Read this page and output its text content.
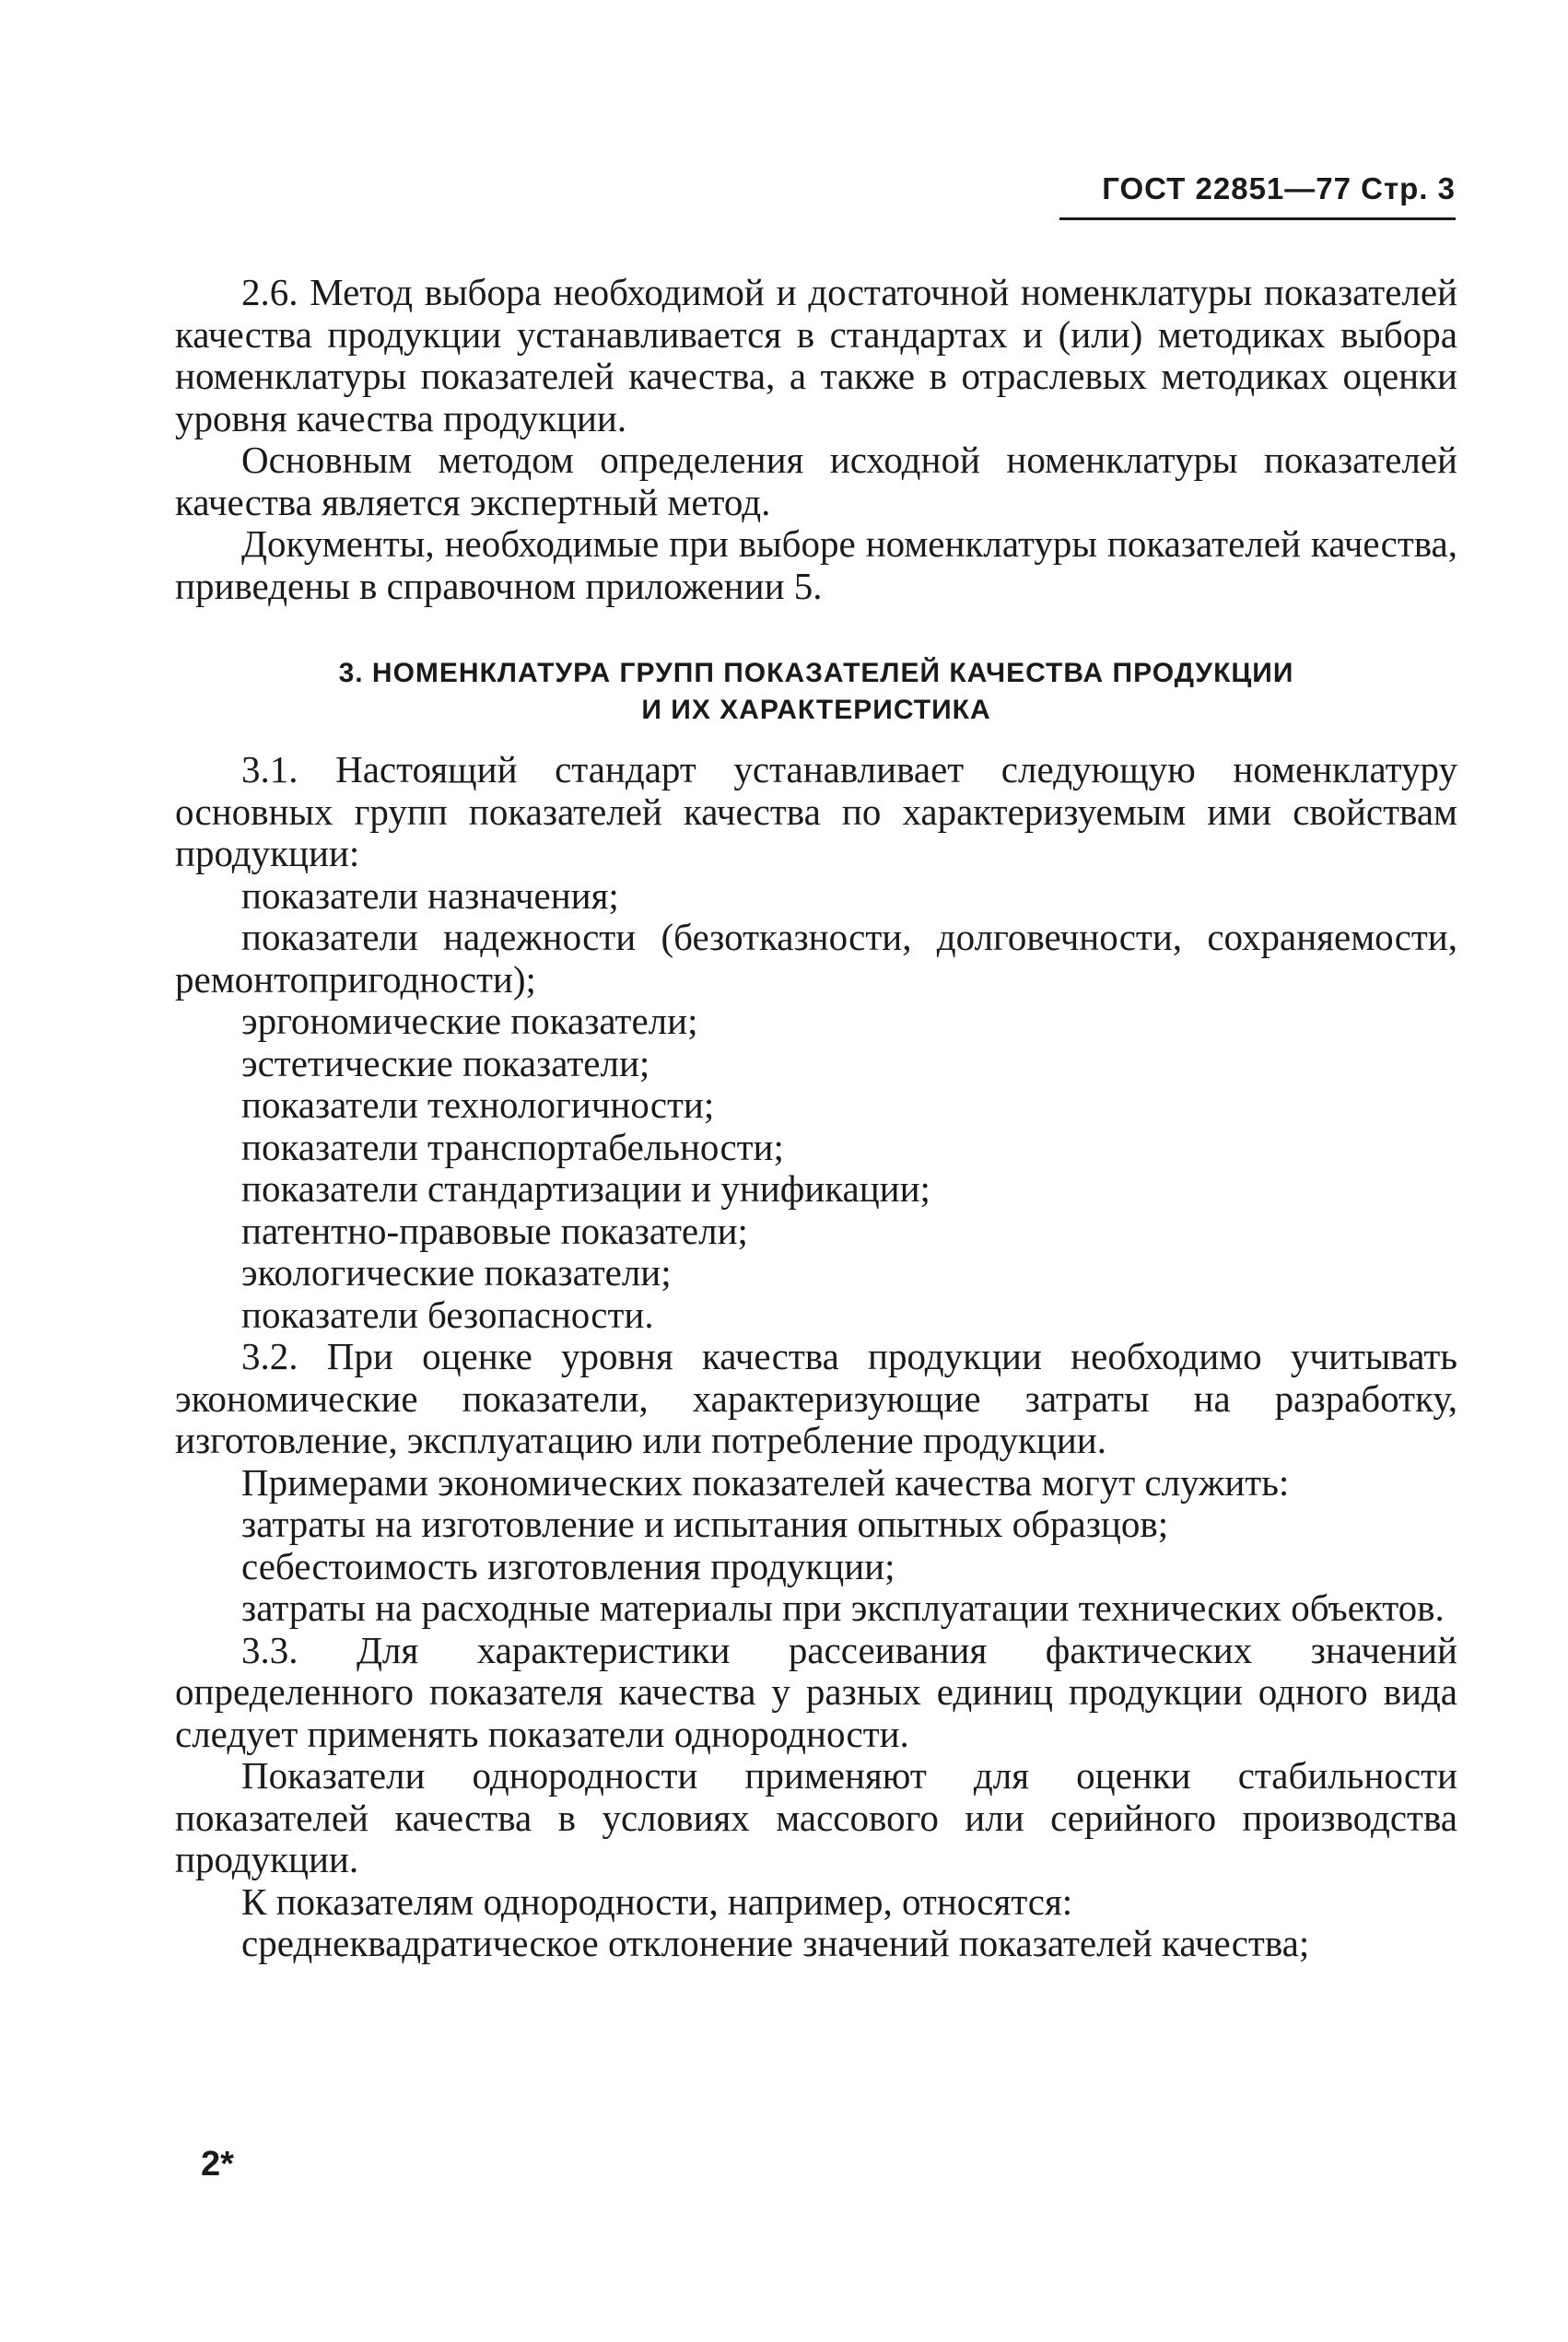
ГОСТ 22851—77 Стр. 3

2.6. Метод выбора необходимой и достаточной номенклатуры показателей качества продукции устанавливается в стандартах и (или) методиках выбора номенклатуры показателей качества, а также в отраслевых методиках оценки уровня качества продукции.

Основным методом определения исходной номенклатуры показателей качества является экспертный метод.

Документы, необходимые при выборе номенклатуры показателей качества, приведены в справочном приложении 5.

3. НОМЕНКЛАТУРА ГРУПП ПОКАЗАТЕЛЕЙ КАЧЕСТВА ПРОДУКЦИИ
И ИХ ХАРАКТЕРИСТИКА

3.1. Настоящий стандарт устанавливает следующую номенклатуру основных групп показателей качества по характеризуемым ими свойствам продукции:

показатели назначения;

показатели надежности (безотказности, долговечности, сохраняемости, ремонтопригодности);

эргономические показатели;

эстетические показатели;

показатели технологичности;

показатели транспортабельности;

показатели стандартизации и унификации;

патентно-правовые показатели;

экологические показатели;

показатели безопасности.

3.2. При оценке уровня качества продукции необходимо учитывать экономические показатели, характеризующие затраты на разработку, изготовление, эксплуатацию или потребление продукции.

Примерами экономических показателей качества могут служить:

затраты на изготовление и испытания опытных образцов;

себестоимость изготовления продукции;

затраты на расходные материалы при эксплуатации технических объектов.

3.3. Для характеристики рассеивания фактических значений определенного показателя качества у разных единиц продукции одного вида следует применять показатели однородности.

Показатели однородности применяют для оценки стабильности показателей качества в условиях массового или серийного производства продукции.

К показателям однородности, например, относятся:

среднеквадратическое отклонение значений показателей качества;

2*
